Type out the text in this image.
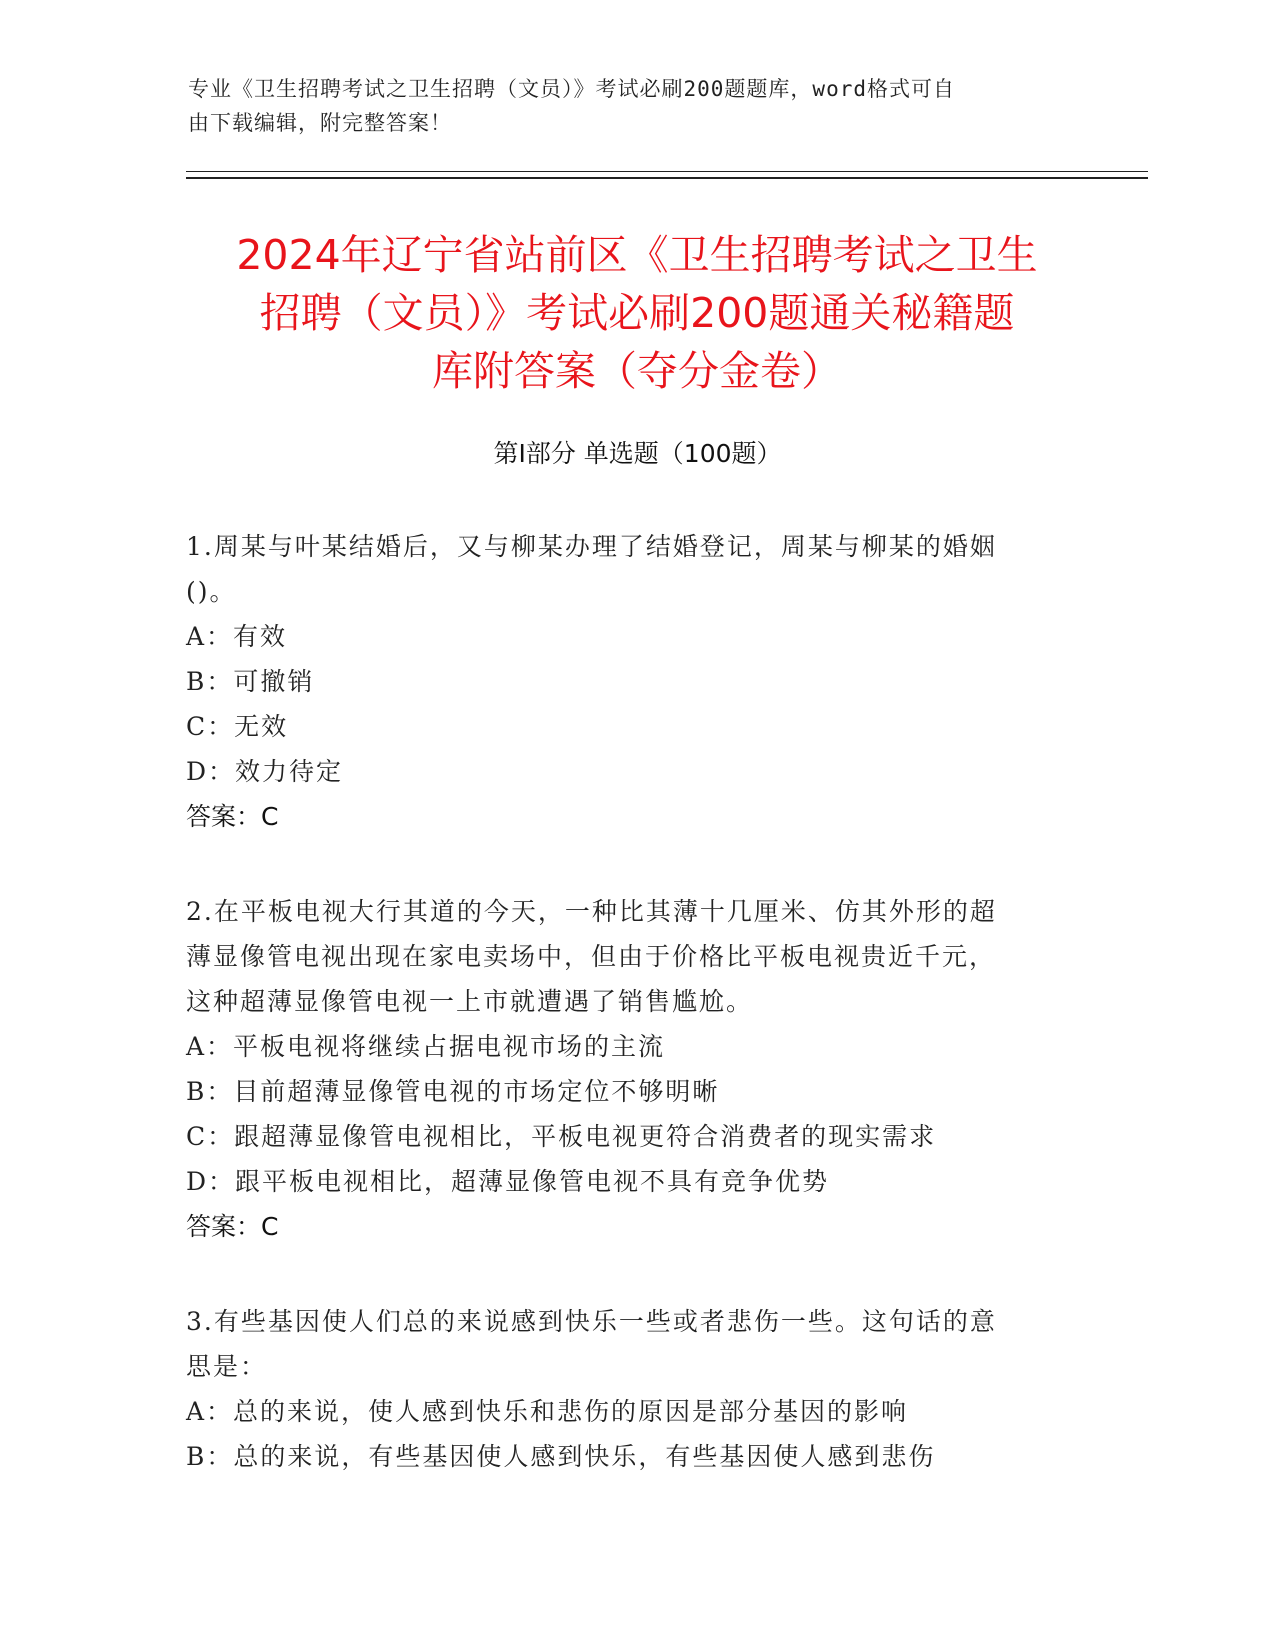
专业《卫生招聘考试之卫生招聘（文员）》考试必刷200题题库，word格式可自
由下载编辑，附完整答案！
2024年辽宁省站前区《卫生招聘考试之卫生
招聘（文员）》考试必刷200题通关秘籍题
库附答案（夺分金卷）
第Ⅰ部分 单选题（100题）
1.周某与叶某结婚后，又与柳某办理了结婚登记，周某与柳某的婚姻
()。
A：有效
B：可撤销
C：无效
D：效力待定
答案：C
2.在平板电视大行其道的今天，一种比其薄十几厘米、仿其外形的超
薄显像管电视出现在家电卖场中，但由于价格比平板电视贵近千元，
这种超薄显像管电视一上市就遭遇了销售尴尬。
A：平板电视将继续占据电视市场的主流
B：目前超薄显像管电视的市场定位不够明晰
C：跟超薄显像管电视相比，平板电视更符合消费者的现实需求
D：跟平板电视相比，超薄显像管电视不具有竞争优势
答案：C
3.有些基因使人们总的来说感到快乐一些或者悲伤一些。这句话的意
思是：
A：总的来说，使人感到快乐和悲伤的原因是部分基因的影响
B：总的来说，有些基因使人感到快乐，有些基因使人感到悲伤
